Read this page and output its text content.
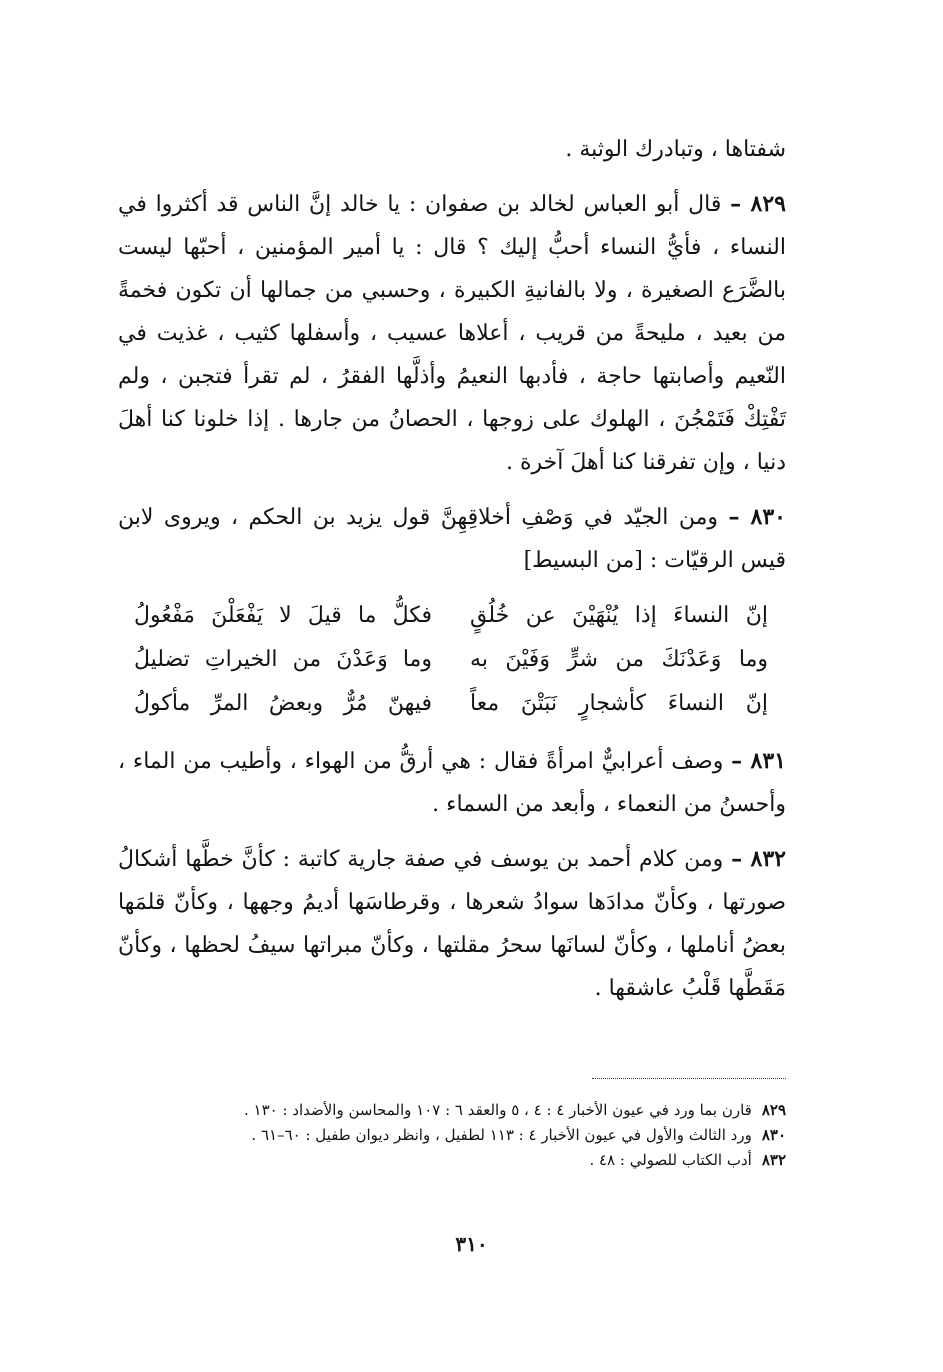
شفتاها ، وتبادرك الوثبة .

٨٢٩ – قال أبو العباس لخالد بن صفوان : يا خالد إنَّ الناس قد أكثروا في النساء ، فأيُّ النساء أحبُّ إليك ؟ قال : يا أمير المؤمنين ، أحبّها ليست بالضَّرَع الصغيرة ، ولا بالفانيةِ الكبيرة ، وحسبي من جمالها أن تكون فخمةً من بعيد ، مليحةً من قريب ، أعلاها عسيب ، وأسفلها كثيب ، غذيت في النّعيم وأصابتها حاجة ، فأدبها النعيمُ وأذلَّها الفقرُ ، لم تقرأ فتجبن ، ولم تَفْتِكْ فَتَمْجُنَ ، الهلوك على زوجها ، الحصانُ من جارها . إذا خلونا كنا أهلَ دنيا ، وإن تفرقنا كنا أهلَ آخرة .

٨٣٠ – ومن الجيّد في وَصْفِ أخلاقِهِنَّ قول يزيد بن الحكم ، ويروى لابن قيس الرقيّات : [من البسيط]

إنّ النساءَ إذا يُنْهَيْنَ عن خُلُقٍ
فكلُّ ما قيلَ لا يَفْعَلْنَ مَفْعُولُ
وما وَعَدْنَكَ من شرٍّ وَفَيْنَ به
وما وَعَدْنَ من الخيراتِ تضليلُ
إنّ النساءَ كأشجارٍ نَبَتْنَ معاً
فيهنّ مُرٌّ وبعضُ المرِّ مأكولُ

٨٣١ – وصف أعرابيٌّ امرأةً فقال : هي أرقُّ من الهواء ، وأطيب من الماء ، وأحسنُ من النعماء ، وأبعد من السماء .

٨٣٢ – ومن كلام أحمد بن يوسف في صفة جارية كاتبة : كأنَّ خطَّها أشكالُ صورتها ، وكأنّ مدادَها سوادُ شعرها ، وقرطاسَها أديمُ وجهها ، وكأنّ قلمَها بعضُ أناملها ، وكأنّ لسانَها سحرُ مقلتها ، وكأنّ مبراتها سيفُ لحظها ، وكأنّ مَقَطَّها قَلْبُ عاشقها .

٨٢٩قارن بما ورد في عيون الأخبار ٤ : ٤ ، ٥ والعقد ٦ : ١٠٧ والمحاسن والأضداد : ١٣٠ .

٨٣٠ورد الثالث والأول في عيون الأخبار ٤ : ١١٣ لطفيل ، وانظر ديوان طفيل : ٦٠–٦١ .

٨٣٢أدب الكتاب للصولي : ٤٨ .

٣١٠
